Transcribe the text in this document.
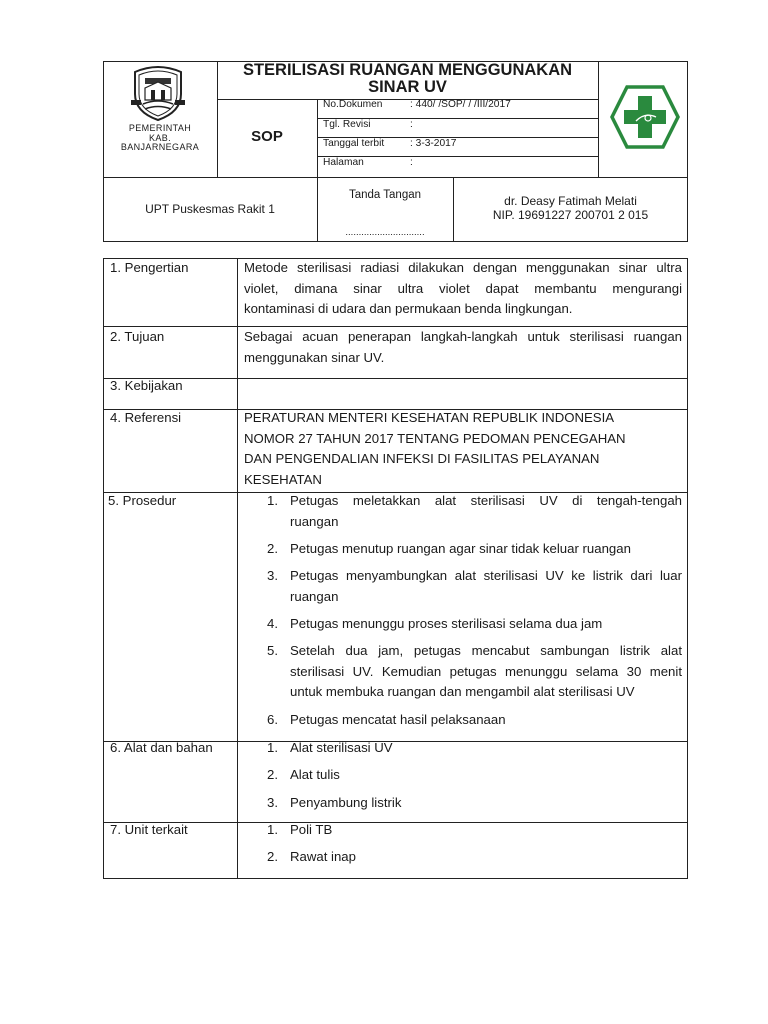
PEMERINTAH
KAB.
BANJARNEGARA
STERILISASI RUANGAN MENGGUNAKAN
SINAR UV
SOP
No.Dokumen	: 440/ /SOP/ / /III/2017
Tgl. Revisi	:
Tanggal terbit	: 3-3-2017
Halaman	:
UPT Puskesmas Rakit 1
Tanda Tangan
..............................
dr. Deasy Fatimah Melati
NIP. 19691227 200701 2 015
1. Pengertian	Metode sterilisasi radiasi dilakukan dengan menggunakan sinar ultra
violet, dimana sinar ultra violet dapat membantu mengurangi
kontaminasi di udara dan permukaan benda lingkungan.
2. Tujuan	Sebagai acuan penerapan langkah-langkah untuk sterilisasi ruangan
menggunakan sinar UV.
3. Kebijakan
4. Referensi	PERATURAN MENTERI KESEHATAN REPUBLIK INDONESIA
NOMOR 27 TAHUN 2017 TENTANG PEDOMAN PENCEGAHAN
DAN PENGENDALIAN INFEKSI DI FASILITAS PELAYANAN
KESEHATAN
5. Prosedur	1. Petugas meletakkan alat sterilisasi UV di tengah-tengah
ruangan
2. Petugas menutup ruangan agar sinar tidak keluar ruangan
3. Petugas menyambungkan alat sterilisasi UV ke listrik dari luar
ruangan
4. Petugas menunggu proses sterilisasi selama dua jam
5. Setelah dua jam, petugas mencabut sambungan listrik alat
sterilisasi UV. Kemudian petugas menunggu selama 30 menit
untuk membuka ruangan dan mengambil alat sterilisasi UV
6. Petugas mencatat hasil pelaksanaan
6. Alat dan bahan	1. Alat sterilisasi UV
2. Alat tulis
3. Penyambung listrik
7. Unit terkait	1. Poli TB
2. Rawat inap
